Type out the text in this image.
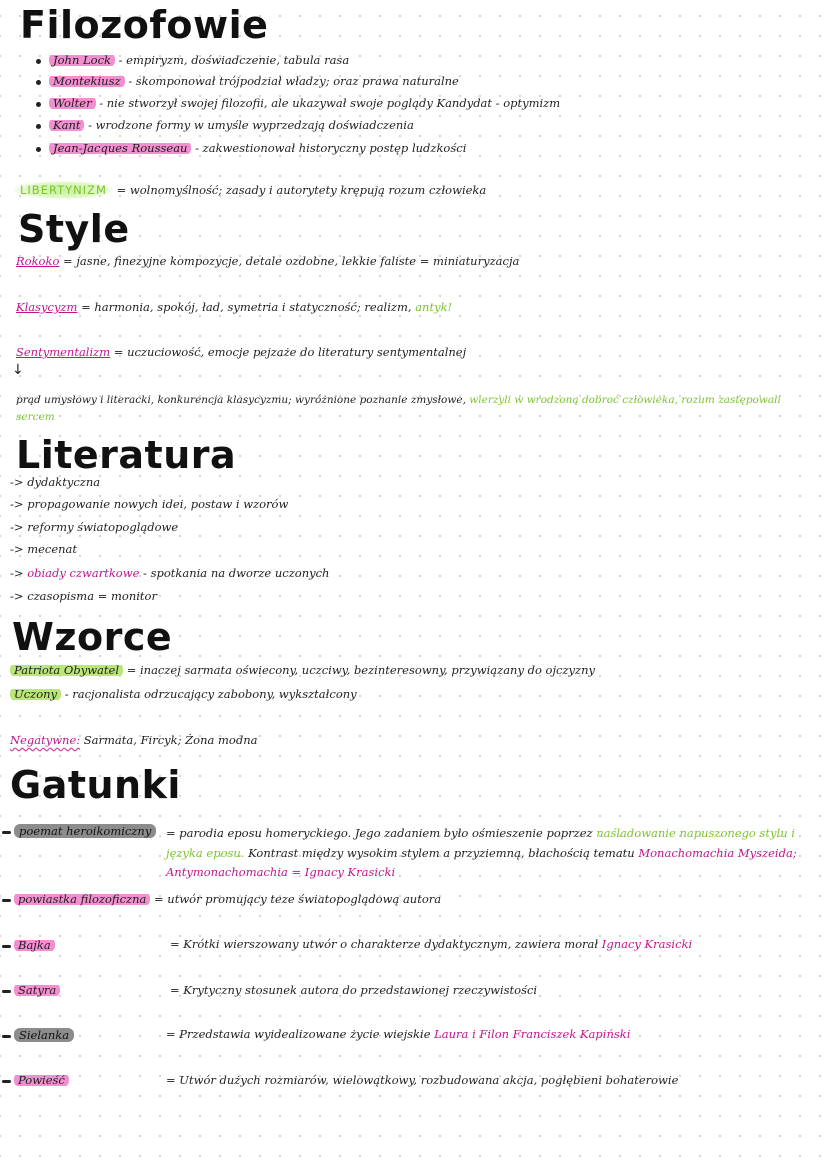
Filozofowie
John Lock - empiryzm, doświadczenie, tabula rasa
Montekiusz - skomponował trójpodział władzy; oraz prawa naturalne
Wolter - nie stworzył swojej filozofii, ale ukazywał swoje poglądy Kandydat - optymizm
Kant - wrodzone formy w umyśle wyprzedzają doświadczenia
Jean-Jacques Rousseau - zakwestionował historyczny postęp ludzkości
LIBERTYNIZM = wolnomyślność; zasady i autorytety krępują rozum człowieka
Style
Rokoko = jasne, finezyjne kompozycje, detale ozdobne, lekkie faliste = miniaturyzacja
Klasycyzm = harmonia, spokój, ład, symetria i statyczność; realizm, antyk!
Sentymentalizm = uczuciowość, emocje pejzaże do literatury sentymentalnej
↓
prąd umysłowy i literacki, konkurencja klasycyzmu; wyróżnione poznanie zmysłowe, wierzyli w wrodzoną dobroć człowieka, rozum zastępowali sercem
Literatura
-> dydaktyczna
-> propagowanie nowych idei, postaw i wzorów
-> reformy światopoglądowe
-> mecenat
-> obiady czwartkowe - spotkania na dworze uczonych
-> czasopisma = monitor
Wzorce
Patriota Obywatel = inaczej sarmata oświecony, uczciwy, bezinteresowny, przywiązany do ojczyzny
Uczony - racjonalista odrzucający zabobony, wykształcony
Negatywne: Sarmata, Fircyk; Żona modna
Gatunki
poemat heroikomiczny	= parodia eposu homeryckiego. Jego zadaniem było ośmieszenie poprzez naśladowanie napuszonego stylu i języka eposu. Kontrast między wysokim stylem a przyziemną, błachością tematu Monachomachia Myszeida; Antymonachomachia = Ignacy Krasicki
powiastka filozoficzna = utwór promujący teze światopoglądową autora
Bajka	= Krótki wierszowany utwór o charakterze dydaktycznym, zawiera morał Ignacy Krasicki
Satyra	= Krytyczny stosunek autora do przedstawionej rzeczywistości
Sielanka	= Przedstawia wyidealizowane życie wiejskie Laura i Filon Franciszek Kapiński
Powieść	= Utwór dużych rozmiarów, wielowątkowy, rozbudowana akcja, pogłębieni bohaterowie
